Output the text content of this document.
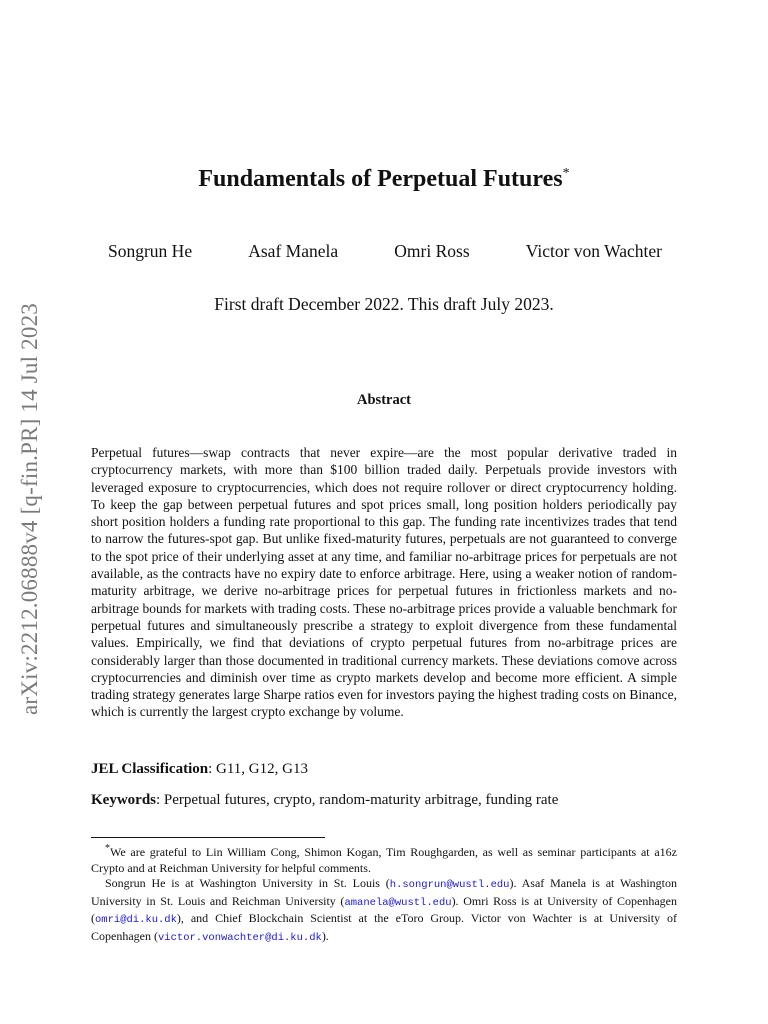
arXiv:2212.06888v4 [q-fin.PR] 14 Jul 2023
Fundamentals of Perpetual Futures*
Songrun He	Asaf Manela	Omri Ross	Victor von Wachter
First draft December 2022. This draft July 2023.
Abstract

Perpetual futures—swap contracts that never expire—are the most popular derivative traded in cryptocurrency markets, with more than $100 billion traded daily. Perpetuals provide investors with leveraged exposure to cryptocurrencies, which does not require rollover or direct cryptocurrency holding. To keep the gap between perpetual futures and spot prices small, long position holders periodically pay short position holders a funding rate proportional to this gap. The funding rate incentivizes trades that tend to narrow the futures-spot gap. But unlike fixed-maturity futures, perpetuals are not guaranteed to converge to the spot price of their underlying asset at any time, and familiar no-arbitrage prices for perpetuals are not available, as the contracts have no expiry date to enforce arbitrage. Here, using a weaker notion of random-maturity arbitrage, we derive no-arbitrage prices for perpetual futures in frictionless markets and no-arbitrage bounds for markets with trading costs. These no-arbitrage prices provide a valuable benchmark for perpetual futures and simultaneously prescribe a strategy to exploit divergence from these fundamental values. Empirically, we find that deviations of crypto perpetual futures from no-arbitrage prices are considerably larger than those documented in traditional currency markets. These deviations comove across cryptocurrencies and diminish over time as crypto markets develop and become more efficient. A simple trading strategy generates large Sharpe ratios even for investors paying the highest trading costs on Binance, which is currently the largest crypto exchange by volume.

JEL Classification: G11, G12, G13
Keywords: Perpetual futures, crypto, random-maturity arbitrage, funding rate

*We are grateful to Lin William Cong, Shimon Kogan, Tim Roughgarden, as well as seminar participants at a16z Crypto and at Reichman University for helpful comments.

Songrun He is at Washington University in St. Louis (h.songrun@wustl.edu). Asaf Manela is at Washington University in St. Louis and Reichman University (amanela@wustl.edu). Omri Ross is at University of Copenhagen (omri@di.ku.dk), and Chief Blockchain Scientist at the eToro Group. Victor von Wachter is at University of Copenhagen (victor.vonwachter@di.ku.dk).
